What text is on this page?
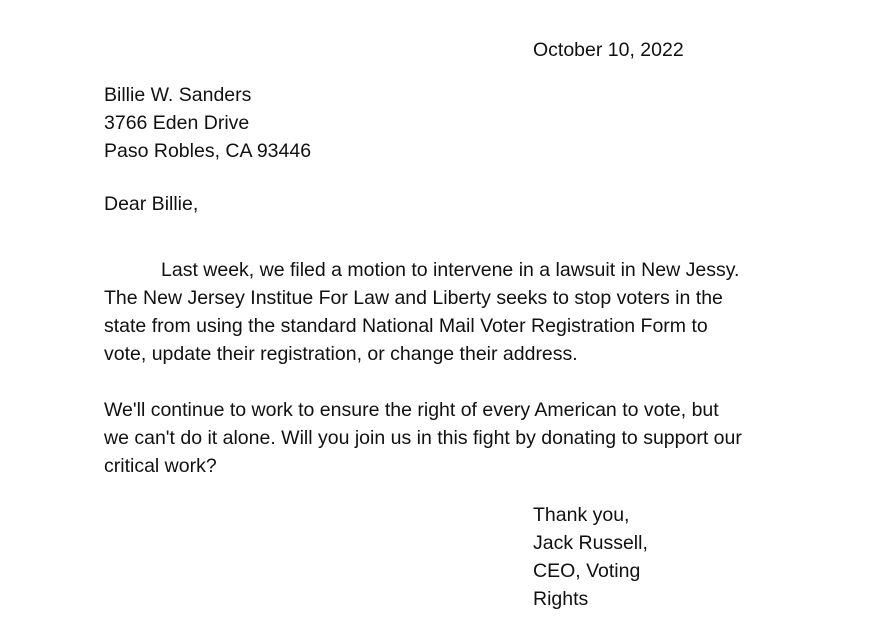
October 10, 2022
Billie W. Sanders
3766 Eden Drive
Paso Robles, CA 93446
Dear Billie,
Last week, we filed a motion to intervene in a lawsuit in New Jessy.
The New Jersey Institue For Law and Liberty seeks to stop voters in the
state from using the standard National Mail Voter Registration Form to
vote, update their registration, or change their address.
We'll continue to work to ensure the right of every American to vote, but
we can't do it alone. Will you join us in this fight by donating to support our
critical work?
Thank you,
Jack Russell,
CEO, Voting
Rights
